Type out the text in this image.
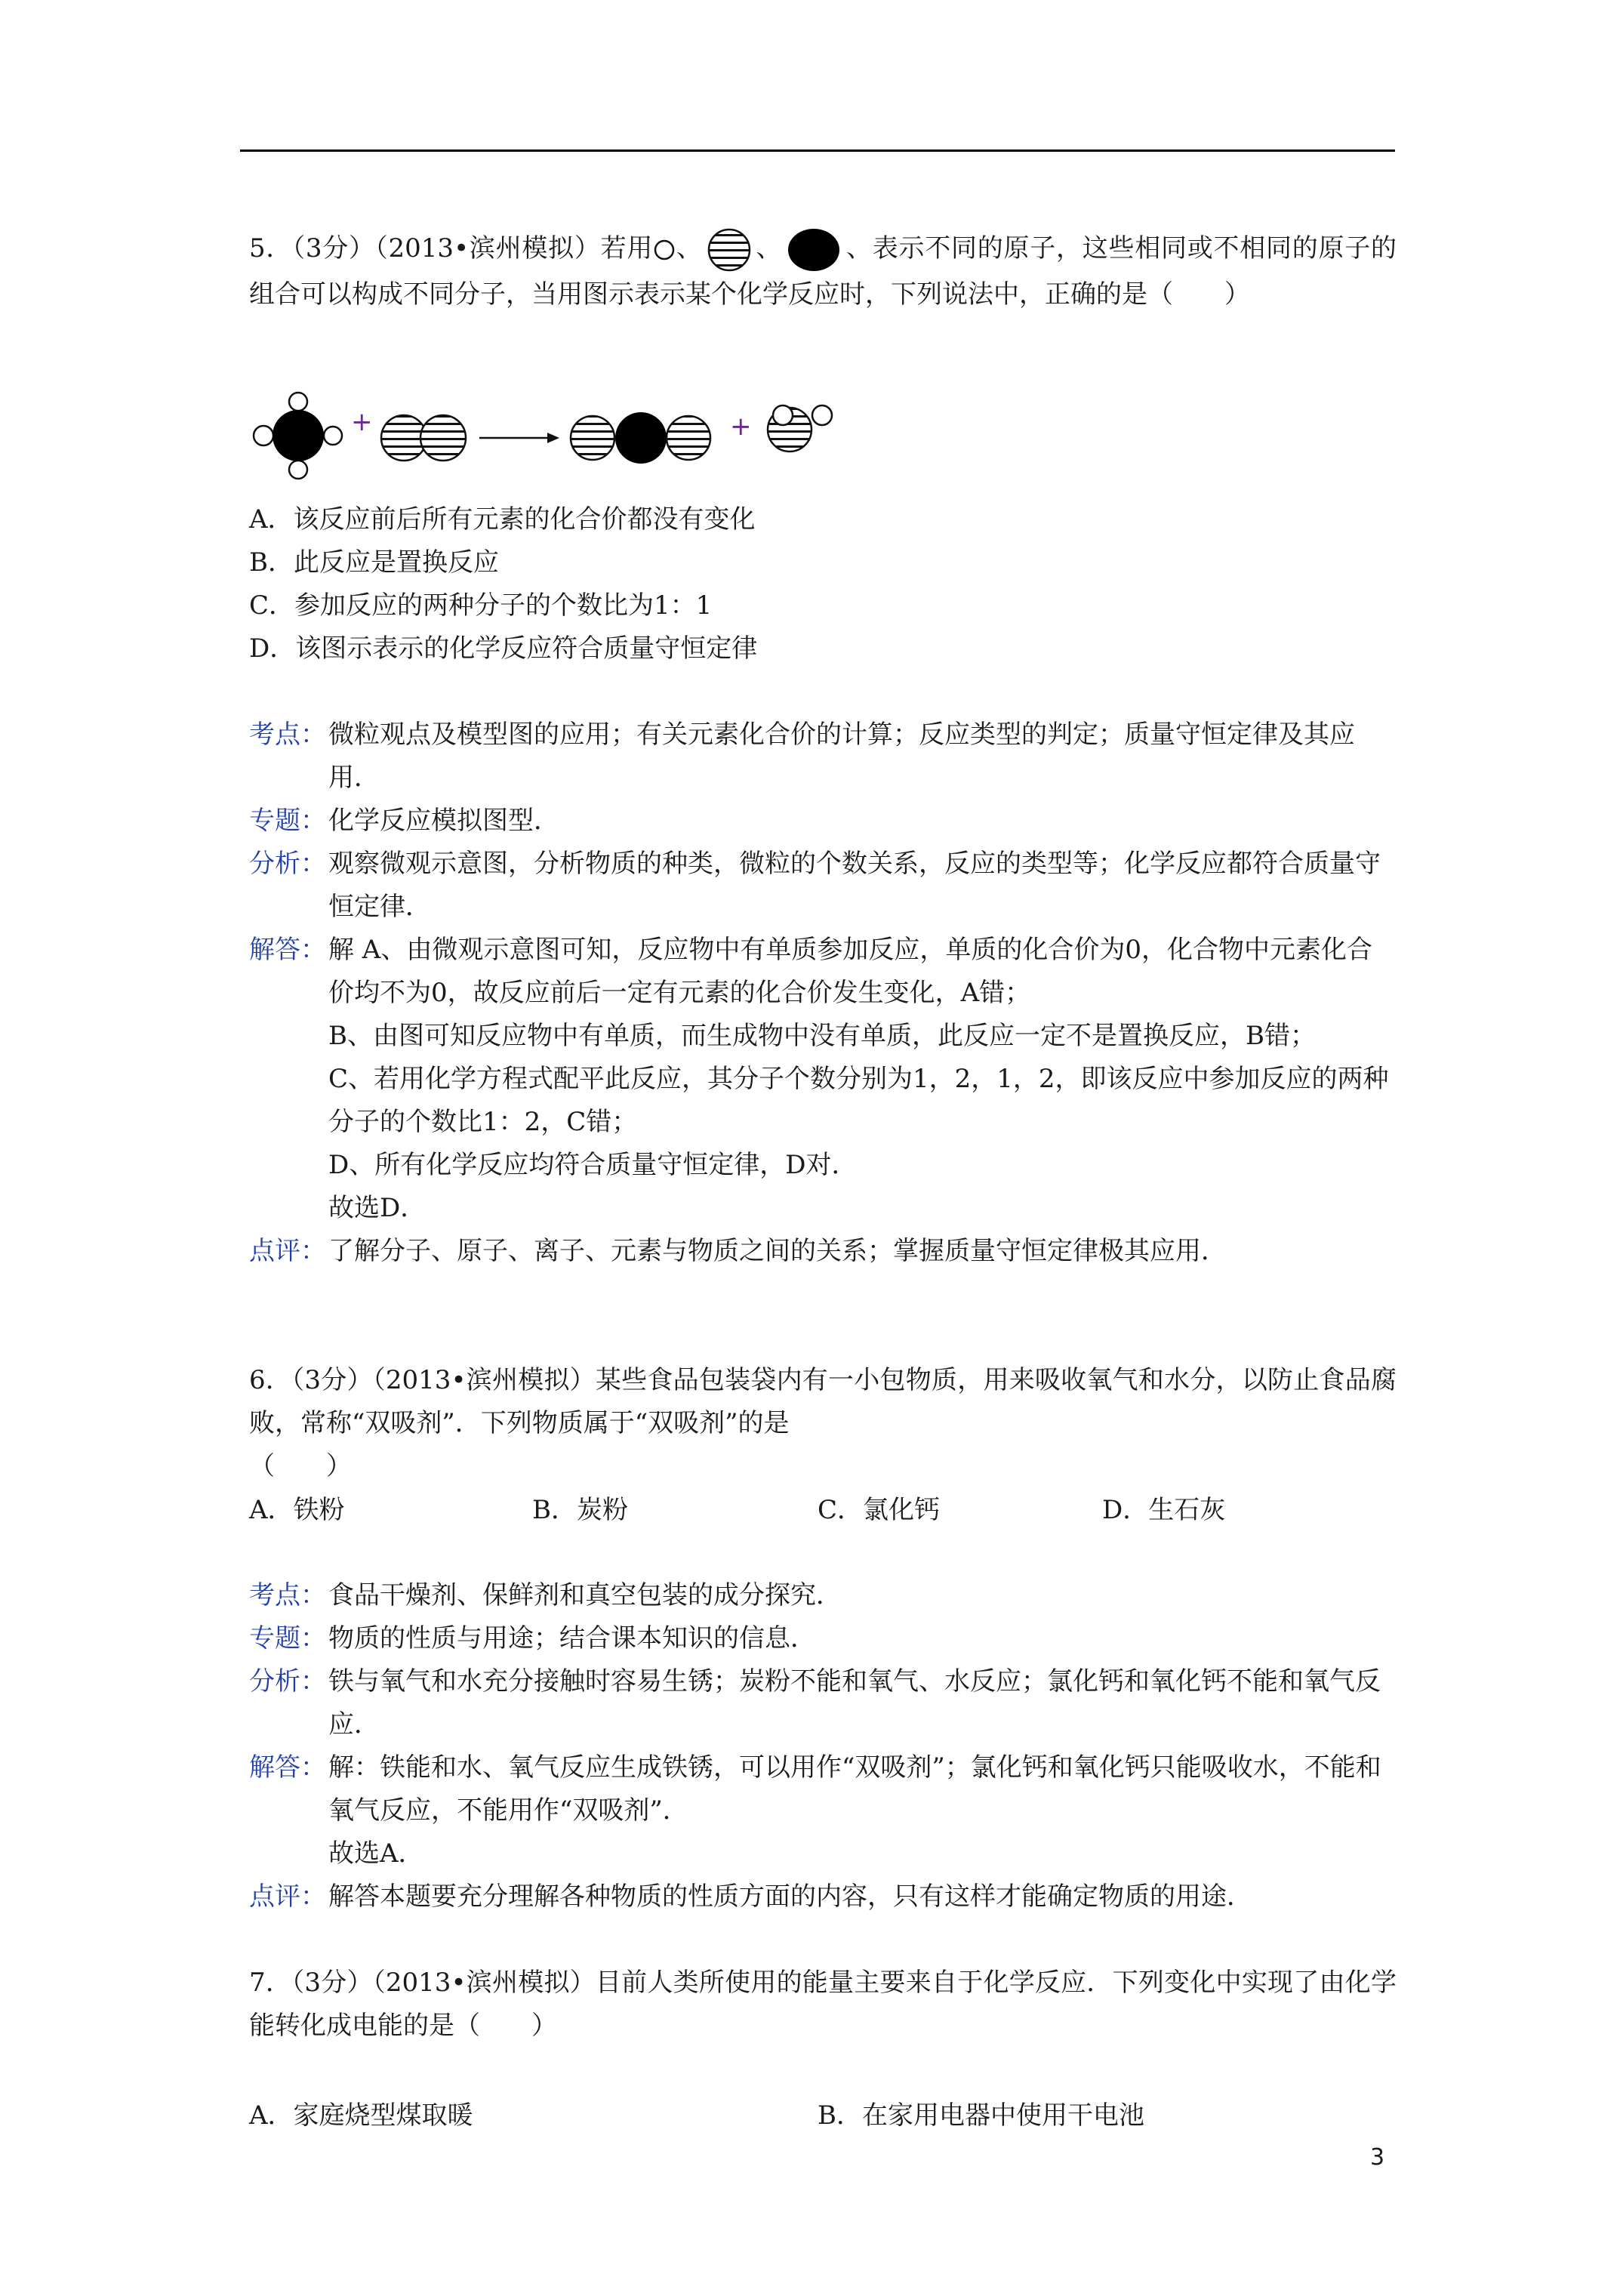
5．（3分）（2013•滨州模拟）若用 、 、 、表示不同的原子，这些相同或不相同的原子的组合可以构成不同分子，当用图示表示某个化学反应时，下列说法中，正确的是（　　）
+	+
A．该反应前后所有元素的化合价都没有变化
B．此反应是置换反应
C．参加反应的两种分子的个数比为1：1
D．该图示表示的化学反应符合质量守恒定律
考点： 微粒观点及模型图的应用；有关元素化合价的计算；反应类型的判定；质量守恒定律及其应用．
专题： 化学反应模拟图型．
分析： 观察微观示意图，分析物质的种类，微粒的个数关系，反应的类型等；化学反应都符合质量守恒定律．
解答： 解 A、由微观示意图可知，反应物中有单质参加反应，单质的化合价为0，化合物中元素化合价均不为0，故反应前后一定有元素的化合价发生变化，A错；
B、由图可知反应物中有单质，而生成物中没有单质，此反应一定不是置换反应，B错；
C、若用化学方程式配平此反应，其分子个数分别为1，2，1，2，即该反应中参加反应的两种分子的个数比1：2，C错；
D、所有化学反应均符合质量守恒定律，D对．
故选D．
点评： 了解分子、原子、离子、元素与物质之间的关系；掌握质量守恒定律极其应用．
6．（3分）（2013•滨州模拟）某些食品包装袋内有一小包物质，用来吸收氧气和水分，以防止食品腐败，常称“双吸剂”．下列物质属于“双吸剂”的是
（　　）
A．铁粉	B．炭粉	C．氯化钙	D．生石灰
考点： 食品干燥剂、保鲜剂和真空包装的成分探究．
专题： 物质的性质与用途；结合课本知识的信息．
分析： 铁与氧气和水充分接触时容易生锈；炭粉不能和氧气、水反应；氯化钙和氧化钙不能和氧气反应．
解答： 解：铁能和水、氧气反应生成铁锈，可以用作“双吸剂”；氯化钙和氧化钙只能吸收水，不能和氧气反应，不能用作“双吸剂”．
故选A．
点评： 解答本题要充分理解各种物质的性质方面的内容，只有这样才能确定物质的用途．
7．（3分）（2013•滨州模拟）目前人类所使用的能量主要来自于化学反应．下列变化中实现了由化学能转化成电能的是（　　）
A．家庭烧型煤取暖	B．在家用电器中使用干电池
3
